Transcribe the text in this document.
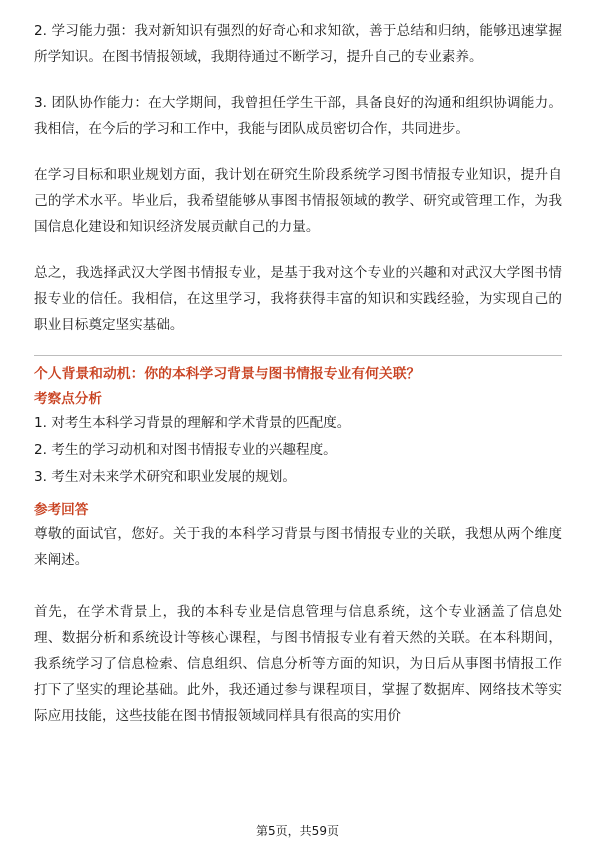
2. 学习能力强：我对新知识有强烈的好奇心和求知欲，善于总结和归纳，能够迅速掌握所学知识。在图书情报领域，我期待通过不断学习，提升自己的专业素养。

3. 团队协作能力：在大学期间，我曾担任学生干部，具备良好的沟通和组织协调能力。我相信，在今后的学习和工作中，我能与团队成员密切合作，共同进步。

在学习目标和职业规划方面，我计划在研究生阶段系统学习图书情报专业知识，提升自己的学术水平。毕业后，我希望能够从事图书情报领域的教学、研究或管理工作，为我国信息化建设和知识经济发展贡献自己的力量。

总之，我选择武汉大学图书情报专业，是基于我对这个专业的兴趣和对武汉大学图书情报专业的信任。我相信，在这里学习，我将获得丰富的知识和实践经验，为实现自己的职业目标奠定坚实基础。

个人背景和动机：你的本科学习背景与图书情报专业有何关联？

考察点分析

1. 对考生本科学习背景的理解和学术背景的匹配度。

2. 考生的学习动机和对图书情报专业的兴趣程度。

3. 考生对未来学术研究和职业发展的规划。

参考回答

尊敬的面试官，您好。关于我的本科学习背景与图书情报专业的关联，我想从两个维度来阐述。

首先，在学术背景上，我的本科专业是信息管理与信息系统，这个专业涵盖了信息处理、数据分析和系统设计等核心课程，与图书情报专业有着天然的关联。在本科期间，我系统学习了信息检索、信息组织、信息分析等方面的知识，为日后从事图书情报工作打下了坚实的理论基础。此外，我还通过参与课程项目，掌握了数据库、网络技术等实际应用技能，这些技能在图书情报领域同样具有很高的实用价

第5页，共59页
